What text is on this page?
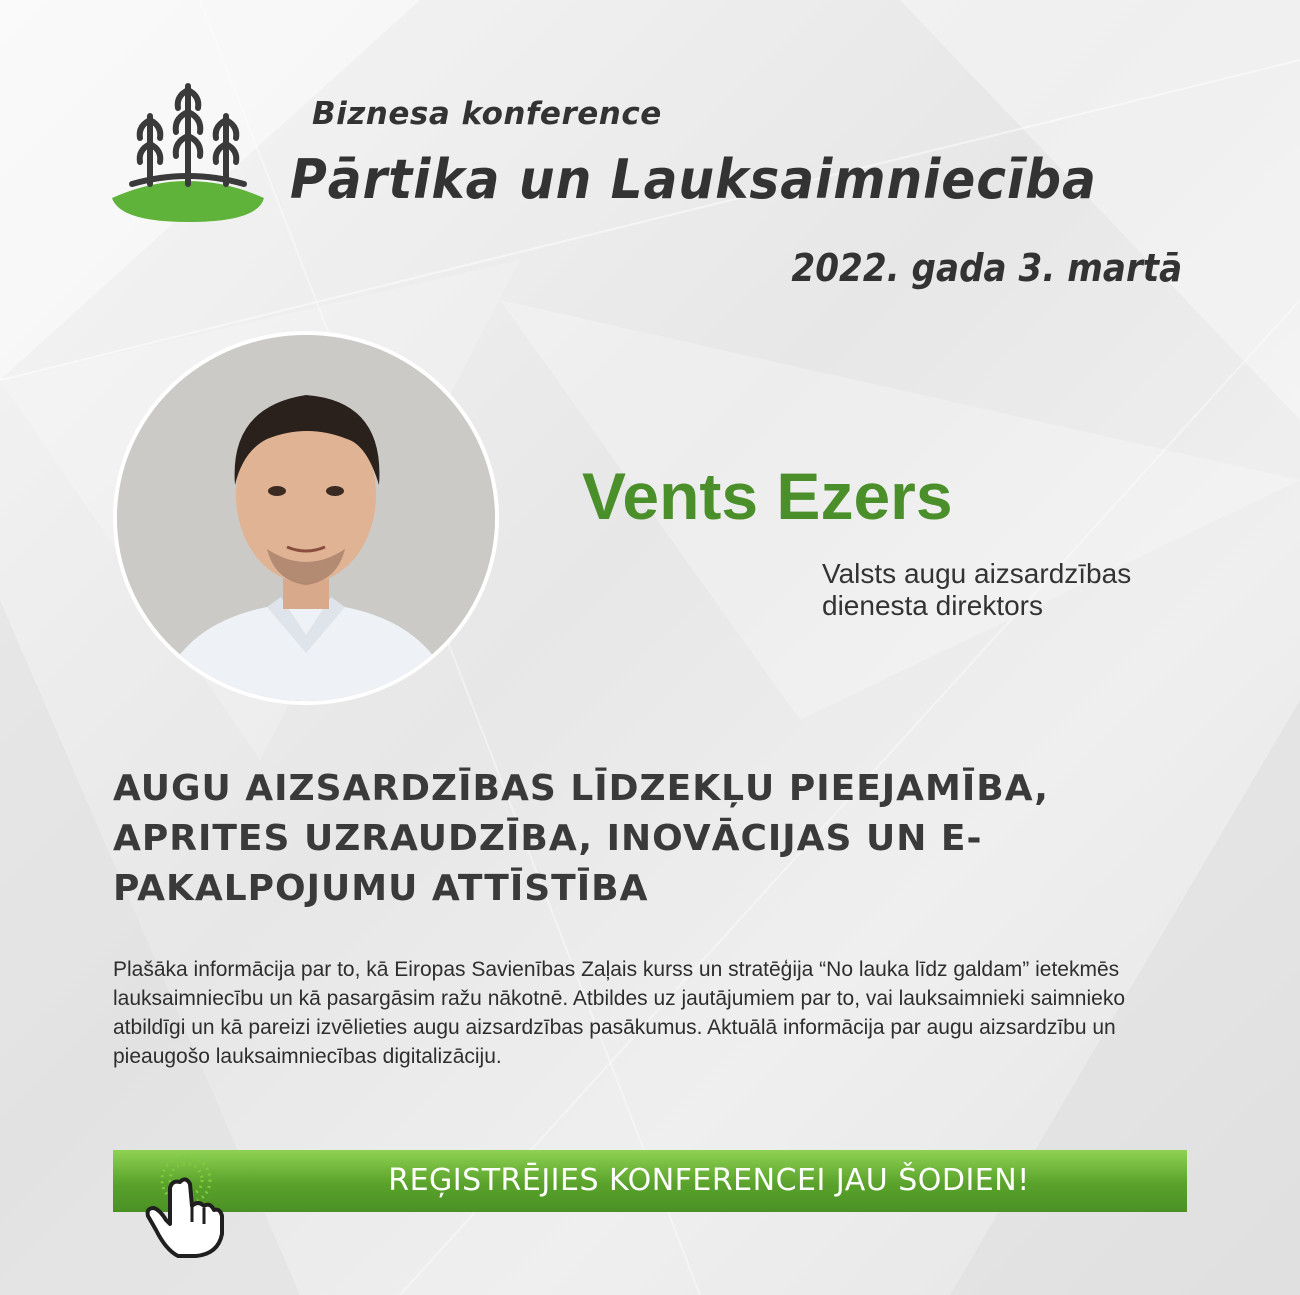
Biznesa konference
Pārtika un Lauksaimniecība
2022. gada 3. martā
Vents Ezers

Valsts augu aizsardzības dienesta direktors

AUGU AIZSARDZĪBAS LĪDZEKĻU PIEEJAMĪBA, APRITES UZRAUDZĪBA, INOVĀCIJAS UN E-PAKALPOJUMU ATTĪSTĪBA

Plašāka informācija par to, kā Eiropas Savienības Zaļais kurss un stratēģija “No lauka līdz galdam” ietekmēs lauksaimniecību un kā pasargāsim ražu nākotnē. Atbildes uz jautājumiem par to, vai lauksaimnieki saimnieko atbildīgi un kā pareizi izvēlieties augu aizsardzības pasākumus. Aktuālā informācija par augu aizsardzību un pieaugošo lauksaimniecības digitalizāciju.

REĢISTRĒJIES KONFERENCEI JAU ŠODIEN!
